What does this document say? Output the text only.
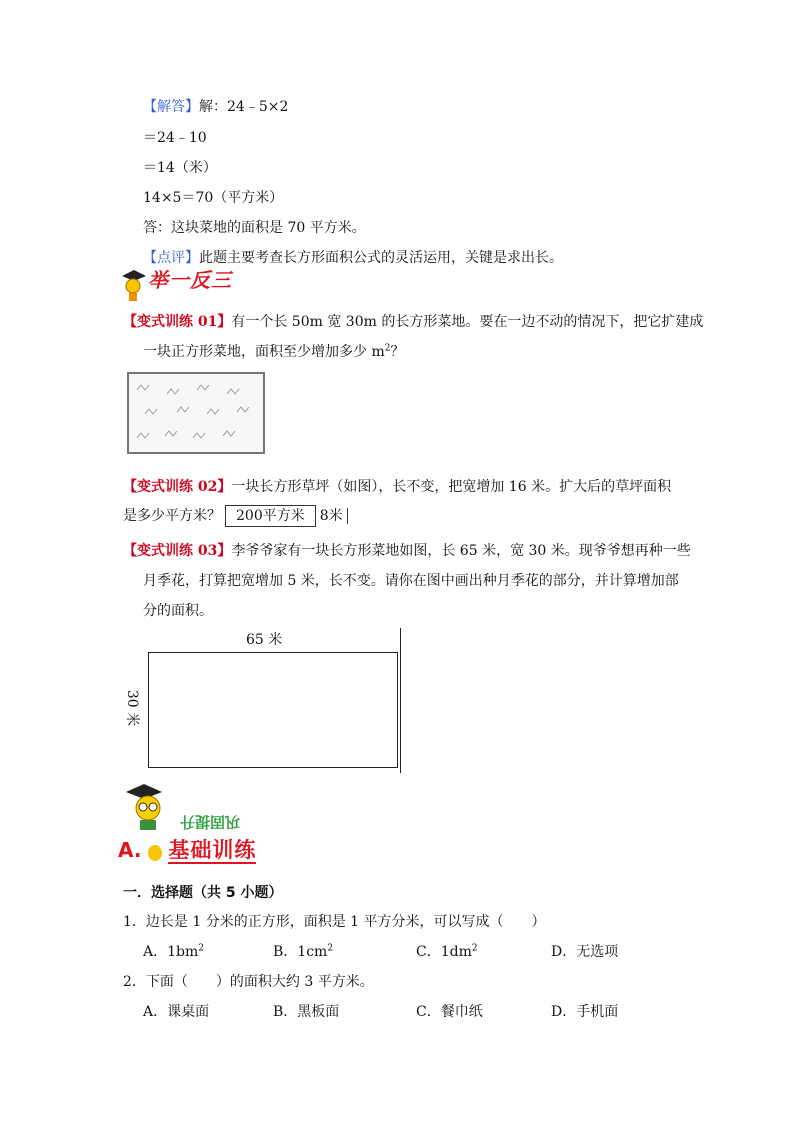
【解答】解：24﹣5×2
＝24﹣10
＝14（米）
14×5＝70（平方米）
答：这块菜地的面积是 70 平方米。
【点评】此题主要考查长方形面积公式的灵活运用，关键是求出长。
举一反三
【变式训练 01】有一个长 50m 宽 30m 的长方形菜地。要在一边不动的情况下，把它扩建成
一块正方形菜地，面积至少增加多少 $m^2$？
【变式训练 02】一块长方形草坪（如图），长不变，把宽增加 16 米。扩大后的草坪面积
是多少平方米？ 200平方米 8米
【变式训练 03】李爷爷家有一块长方形菜地如图，长 65 米，宽 30 米。现爷爷想再种一些
月季花，打算把宽增加 5 米，长不变。请你在图中画出种月季花的部分，并计算增加部
分的面积。
65 米
30 米
巩固提升
A. 基础训练
一．选择题（共 5 小题）
1．边长是 1 分米的正方形，面积是 1 平方分米，可以写成（　　）
A．$1bm^2$	B．$1cm^2$	C．$1dm^2$	D．无选项
2．下面（　　）的面积大约 3 平方米。
A．课桌面	B．黑板面	C．餐巾纸	D．手机面
